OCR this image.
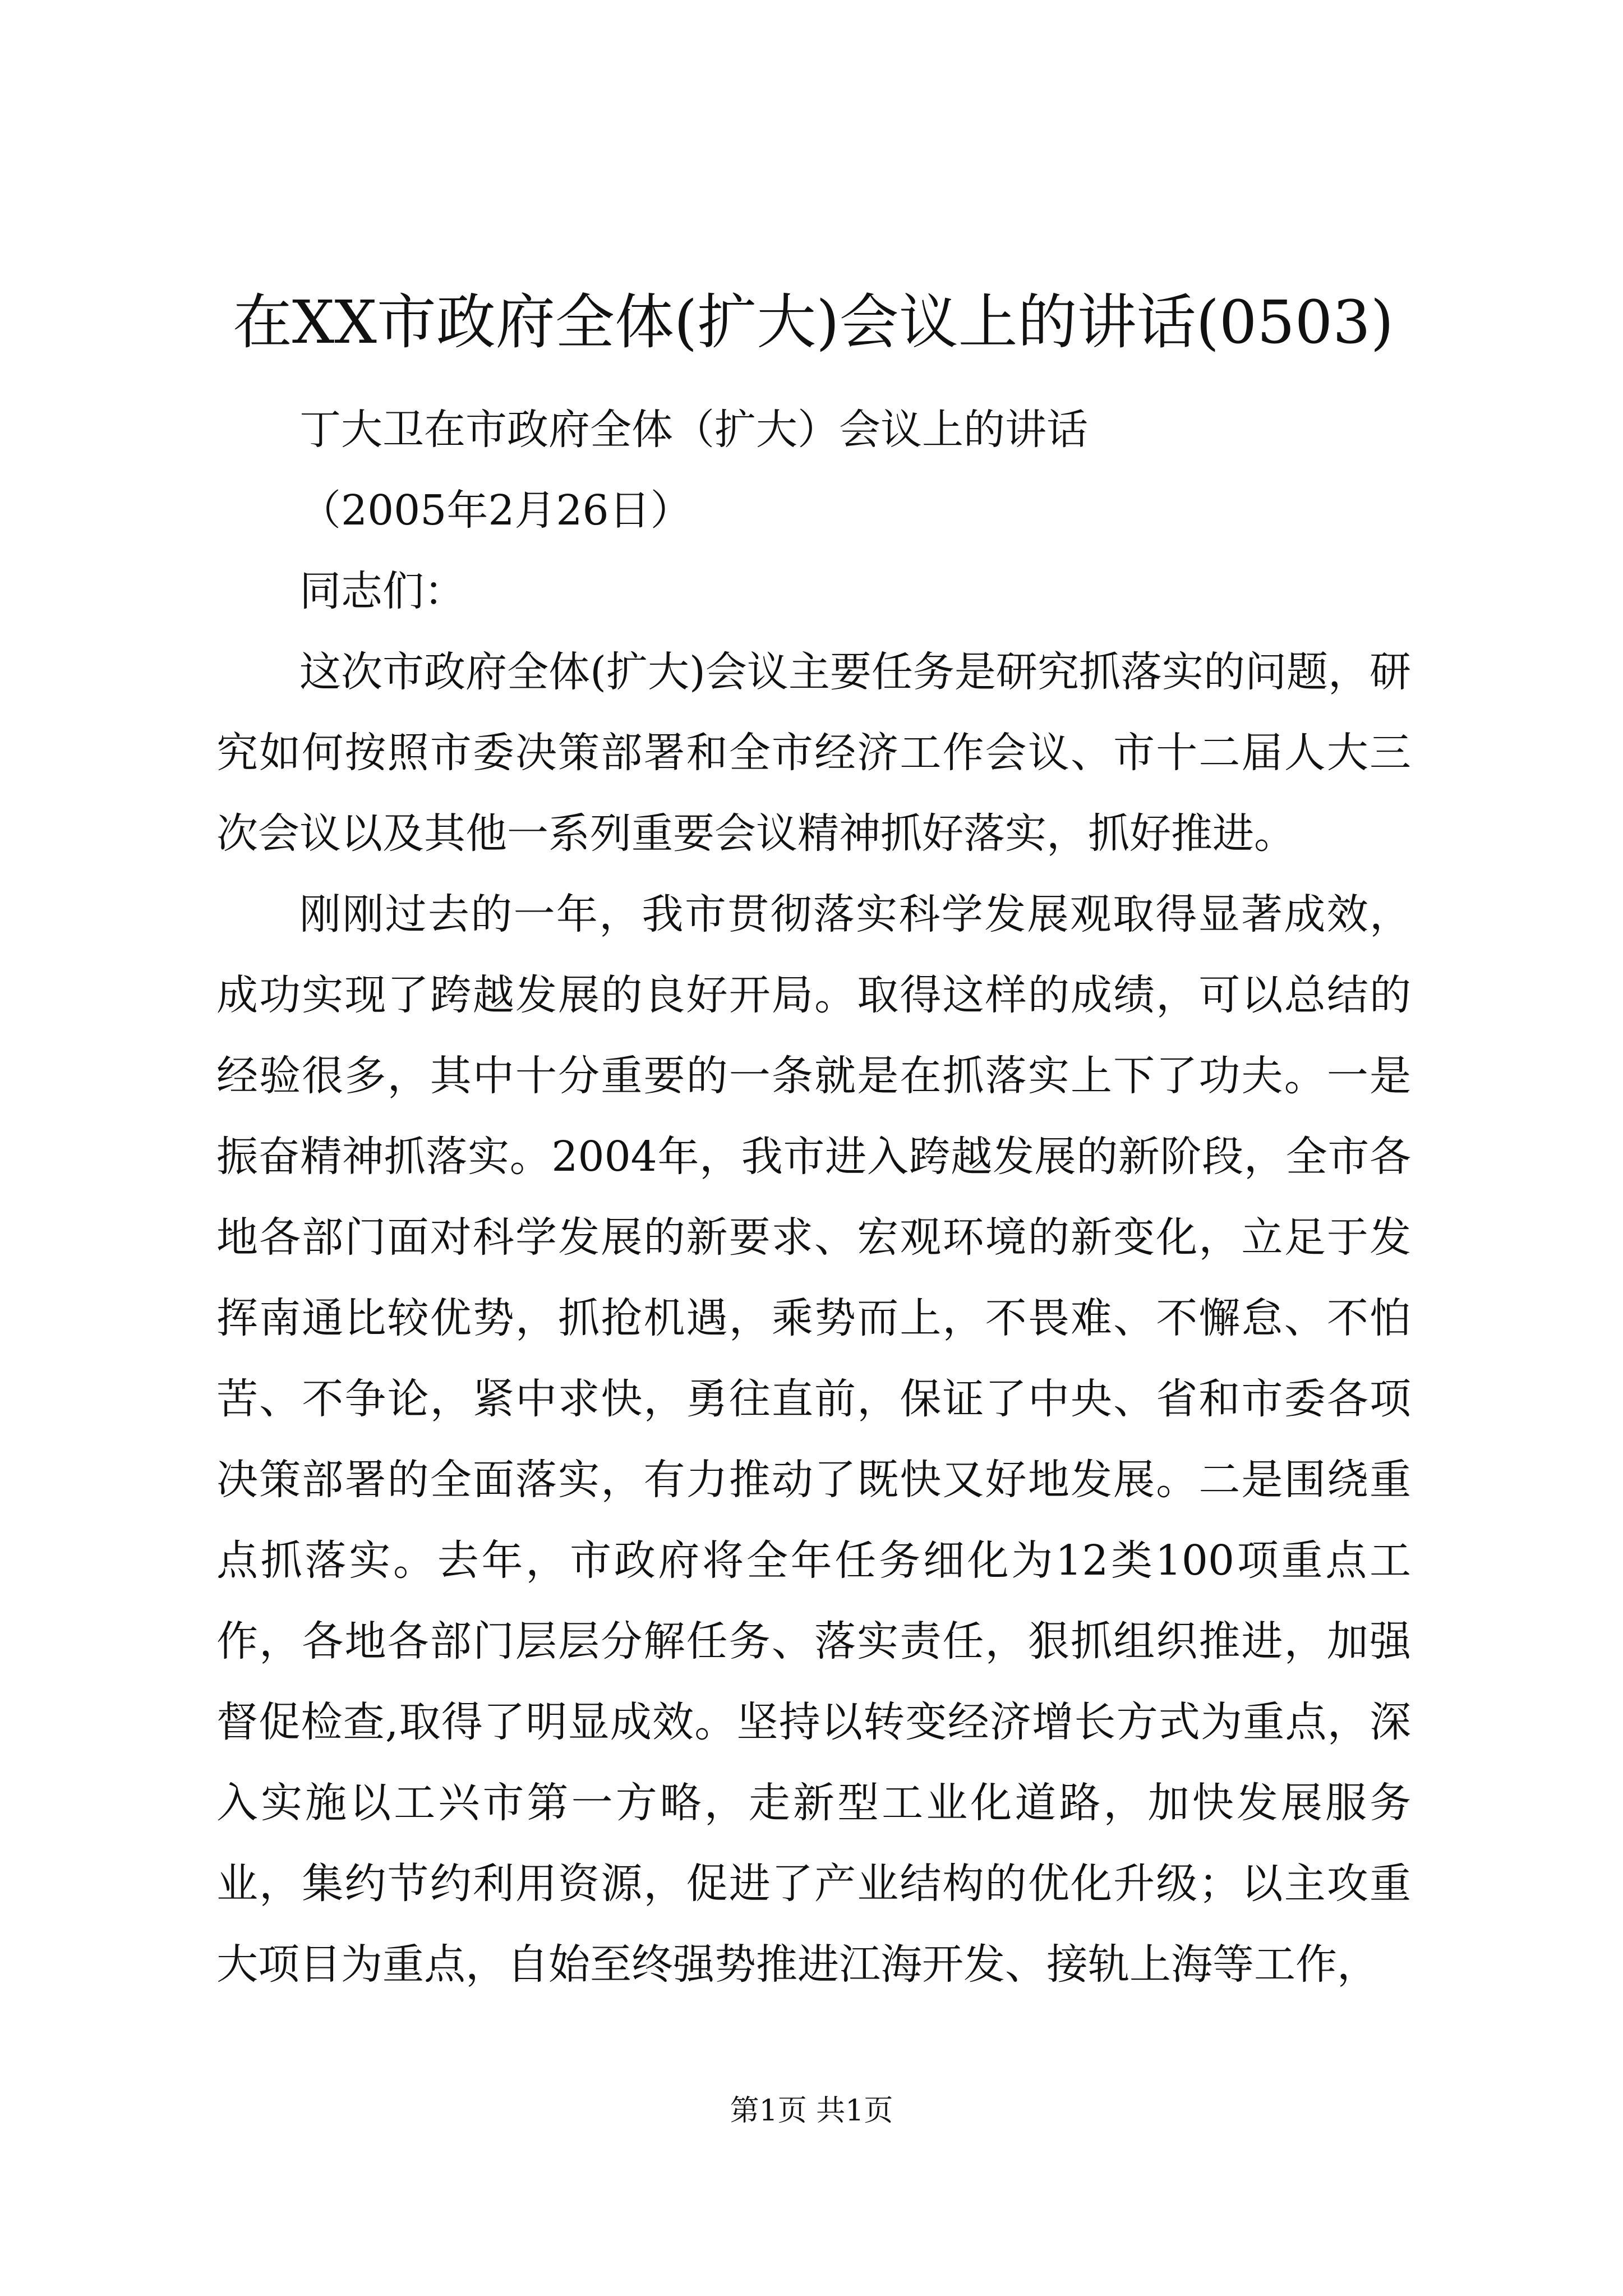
在XX市政府全体(扩大)会议上的讲话(0503)

丁大卫在市政府全体（扩大）会议上的讲话

（2005年2月26日）

同志们：

这次市政府全体(扩大)会议主要任务是研究抓落实的问题，研究如何按照市委决策部署和全市经济工作会议、市十二届人大三次会议以及其他一系列重要会议精神抓好落实，抓好推进。

刚刚过去的一年，我市贯彻落实科学发展观取得显著成效，成功实现了跨越发展的良好开局。取得这样的成绩，可以总结的经验很多，其中十分重要的一条就是在抓落实上下了功夫。一是振奋精神抓落实。2004年，我市进入跨越发展的新阶段，全市各地各部门面对科学发展的新要求、宏观环境的新变化，立足于发挥南通比较优势，抓抢机遇，乘势而上，不畏难、不懈怠、不怕苦、不争论，紧中求快，勇往直前，保证了中央、省和市委各项决策部署的全面落实，有力推动了既快又好地发展。二是围绕重点抓落实。去年，市政府将全年任务细化为12类100项重点工作，各地各部门层层分解任务、落实责任，狠抓组织推进，加强督促检查,取得了明显成效。坚持以转变经济增长方式为重点，深入实施以工兴市第一方略，走新型工业化道路，加快发展服务业，集约节约利用资源，促进了产业结构的优化升级；以主攻重大项目为重点，自始至终强势推进江海开发、接轨上海等工作，

第1页 共1页
